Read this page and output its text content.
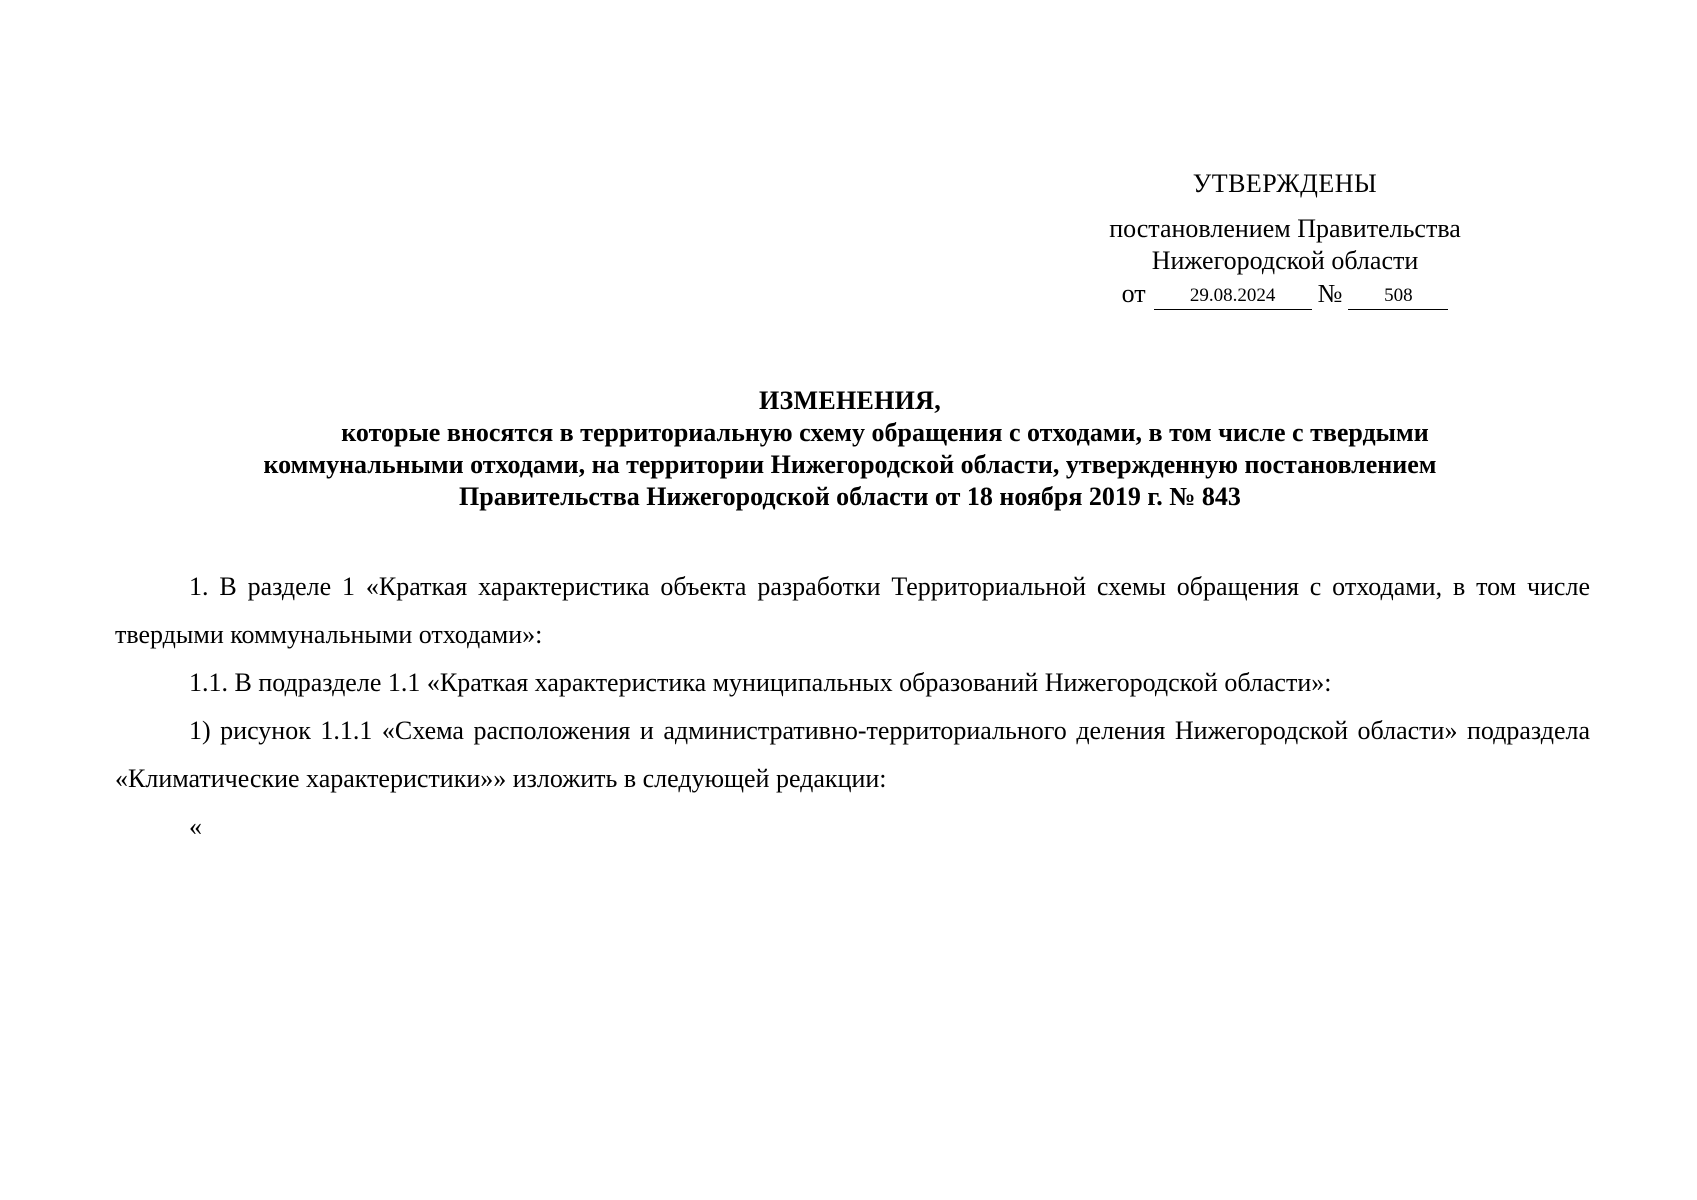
УТВЕРЖДЕНЫ
постановлением Правительства
Нижегородской области
от	29.08.2024	№	508
ИЗМЕНЕНИЯ,
которые вносятся в территориальную схему обращения с отходами, в том числе с твердыми
коммунальными отходами, на территории Нижегородской области, утвержденную постановлением
Правительства Нижегородской области от 18 ноября 2019 г. № 843

1. В разделе 1 «Краткая характеристика объекта разработки Территориальной схемы обращения с отходами, в том числе твердыми коммунальными отходами»:

1.1. В подразделе 1.1 «Краткая характеристика муниципальных образований Нижегородской области»:

1) рисунок 1.1.1 «Схема расположения и административно-территориального деления Нижегородской области» подраздела «Климатические характеристики»» изложить в следующей редакции:

«
